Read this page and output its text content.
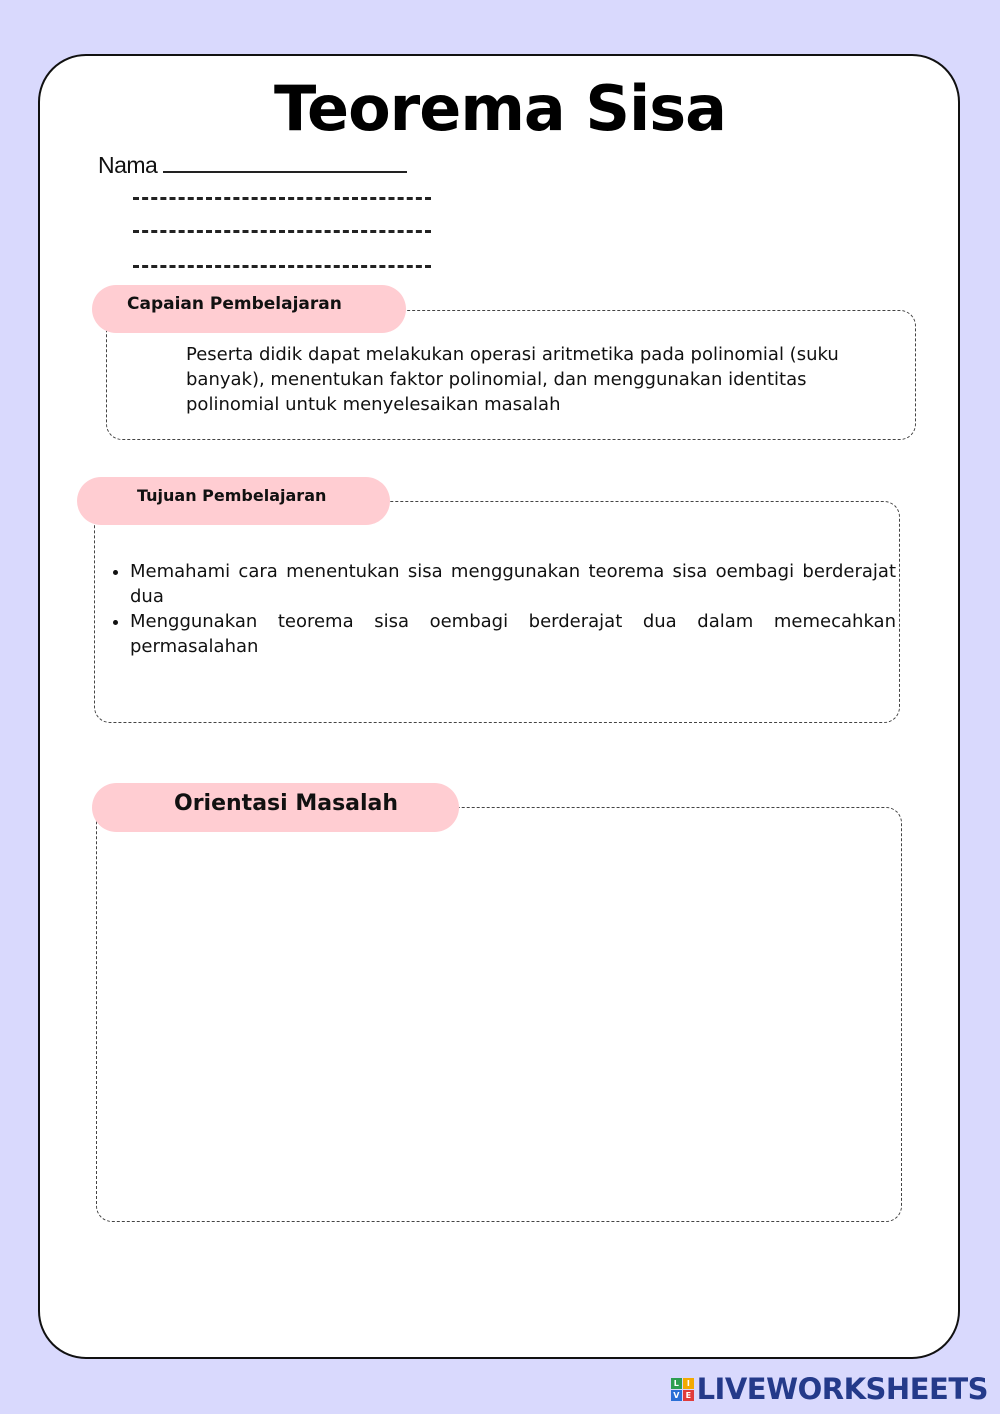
Teorema Sisa
Nama
Capaian Pembelajaran
Peserta didik dapat melakukan operasi aritmetika pada polinomial (suku banyak), menentukan faktor polinomial, dan menggunakan identitas polinomial untuk menyelesaikan masalah
Tujuan Pembelajaran
• Memahami cara menentukan sisa menggunakan teorema sisa oembagi berderajat dua
• Menggunakan teorema sisa oembagi berderajat dua dalam memecahkan permasalahan
Orientasi Masalah
L	I
V E LIVEWORKSHEETS
